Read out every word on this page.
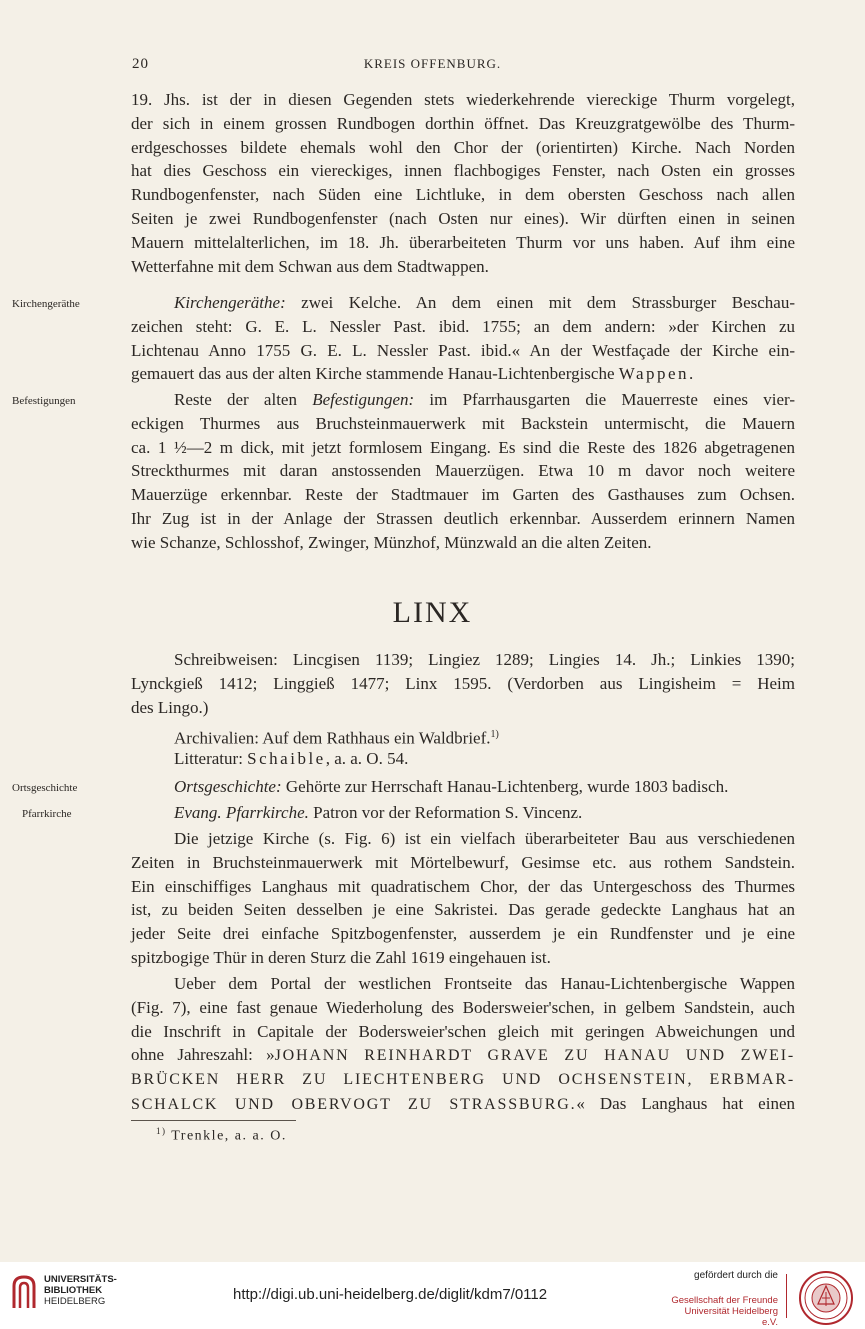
20	KREIS OFFENBURG.
19. Jhs. ist der in diesen Gegenden stets wiederkehrende viereckige Thurm vorgelegt,
der sich in einem grossen Rundbogen dorthin öffnet. Das Kreuzgratgewölbe des Thurm-
erdgeschosses bildete ehemals wohl den Chor der (orientirten) Kirche. Nach Norden
hat dies Geschoss ein viereckiges, innen flachbogiges Fenster, nach Osten ein grosses
Rundbogenfenster, nach Süden eine Lichtluke, in dem obersten Geschoss nach allen
Seiten je zwei Rundbogenfenster (nach Osten nur eines). Wir dürften einen in seinen
Mauern mittelalterlichen, im 18. Jh. überarbeiteten Thurm vor uns haben. Auf ihm eine
Wetterfahne mit dem Schwan aus dem Stadtwappen.
Kirchengeräthe	Kirchengeräthe: zwei Kelche. An dem einen mit dem Strassburger Beschau-
zeichen steht: G. E. L. Nessler Past. ibid. 1755; an dem andern: »der Kirchen zu
Lichtenau Anno 1755 G. E. L. Nessler Past. ibid.« An der Westfaçade der Kirche ein-
gemauert das aus der alten Kirche stammende Hanau-Lichtenbergische Wappen.
Befestigungen	Reste der alten Befestigungen: im Pfarrhausgarten die Mauerreste eines vier-
eckigen Thurmes aus Bruchsteinmauerwerk mit Backstein untermischt, die Mauern
ca. 1 ½—2 m dick, mit jetzt formlosem Eingang. Es sind die Reste des 1826 abgetragenen
Streckthurmes mit daran anstossenden Mauerzügen. Etwa 10 m davor noch weitere
Mauerzüge erkennbar. Reste der Stadtmauer im Garten des Gasthauses zum Ochsen.
Ihr Zug ist in der Anlage der Strassen deutlich erkennbar. Ausserdem erinnern Namen
wie Schanze, Schlosshof, Zwinger, Münzhof, Münzwald an die alten Zeiten.
LINX
Schreibweisen: Lincgisen 1139; Lingiez 1289; Lingies 14. Jh.; Linkies 1390;
Lynckgieß 1412; Linggieß 1477; Linx 1595. (Verdorben aus Lingisheim = Heim
des Lingo.)
Archivalien: Auf dem Rathhaus ein Waldbrief.$^{1)}$
Litteratur: Schaible, a. a. O. 54.
Ortsgeschichte	Ortsgeschichte: Gehörte zur Herrschaft Hanau-Lichtenberg, wurde 1803 badisch.
Pfarrkirche	Evang. Pfarrkirche. Patron vor der Reformation S. Vincenz.
Die jetzige Kirche (s. Fig. 6) ist ein vielfach überarbeiteter Bau aus verschiedenen
Zeiten in Bruchsteinmauerwerk mit Mörtelbewurf, Gesimse etc. aus rothem Sandstein.
Ein einschiffiges Langhaus mit quadratischem Chor, der das Untergeschoss des Thurmes
ist, zu beiden Seiten desselben je eine Sakristei. Das gerade gedeckte Langhaus hat an
jeder Seite drei einfache Spitzbogenfenster, ausserdem je ein Rundfenster und je eine
spitzbogige Thür in deren Sturz die Zahl 1619 eingehauen ist.
Ueber dem Portal der westlichen Frontseite das Hanau-Lichtenbergische Wappen
(Fig. 7), eine fast genaue Wiederholung des Bodersweier'schen, in gelbem Sandstein, auch
die Inschrift in Capitale der Bodersweier'schen gleich mit geringen Abweichungen und
ohne Jahreszahl: »JOHANN REINHARDT GRAVE ZU HANAU UND ZWEI-
BRÜCKEN HERR ZU LIECHTENBERG UND OCHSENSTEIN, ERBMAR-
SCHALCK UND OBERVOGT ZU STRASSBURG.« Das Langhaus hat einen
$^{1)}$ Trenkle, a. a. O.
UNIVERSITÄTS-
BIBLIOTHEK
HEIDELBERG	http://digi.ub.uni-heidelberg.de/diglit/kdm7/0112
gefördert durch die
Gesellschaft der Freunde
Universität Heidelberg e.V.
